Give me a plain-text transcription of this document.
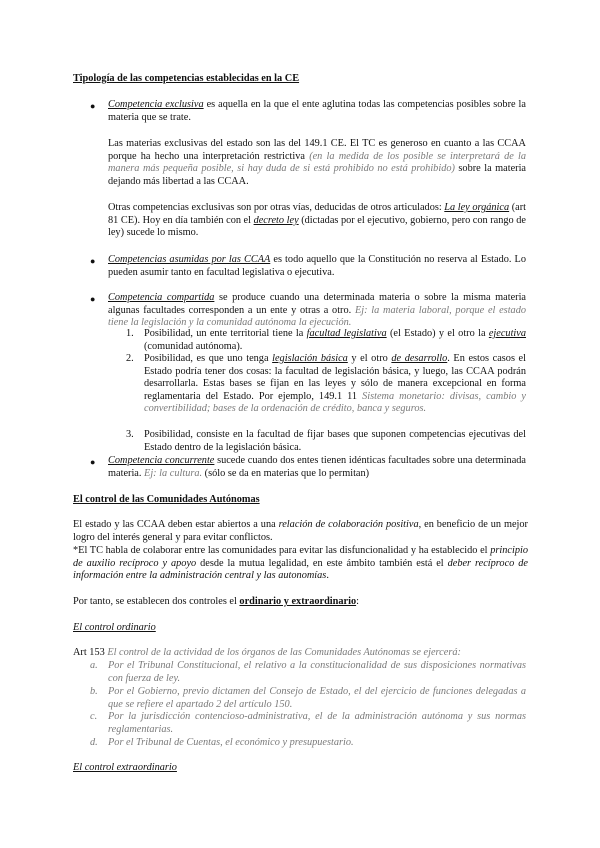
Tipología de las competencias establecidas en la CE
● Competencia exclusiva es aquella en la que el ente aglutina todas las competencias posibles sobre la materia que se trate.
Las materias exclusivas del estado son las del 149.1 CE. El TC es generoso en cuanto a las CCAA porque ha hecho una interpretación restrictiva (en la medida de los posible se interpretará de la manera más pequeña posible, si hay duda de si está prohibido no está prohibido) sobre la materia dejando más libertad a las CCAA.
Otras competencias exclusivas son por otras vías, deducidas de otros articulados: La ley orgánica (art 81 CE). Hoy en día también con el decreto ley (dictadas por el ejecutivo, gobierno, pero con rango de ley) sucede lo mismo.
● Competencias asumidas por las CCAA es todo aquello que la Constitución no reserva al Estado. Lo pueden asumir tanto en facultad legislativa o ejecutiva.
● Competencia compartida se produce cuando una determinada materia o sobre la misma materia algunas facultades corresponden a un ente y otras a otro. Ej: la materia laboral, porque el estado tiene la legislación y la comunidad autónoma la ejecución.
1. Posibilidad, un ente territorial tiene la facultad legislativa (el Estado) y el otro la ejecutiva (comunidad autónoma).
2. Posibilidad, es que uno tenga legislación básica y el otro de desarrollo. En estos casos el Estado podría tener dos cosas: la facultad de legislación básica, y luego, las CCAA podrán desarrollarla. Estas bases se fijan en las leyes y sólo de manera excepcional en forma reglamentaria del Estado. Por ejemplo, 149.1 11 Sistema monetario: divisas, cambio y convertibilidad; bases de la ordenación de crédito, banca y seguros.
3. Posibilidad, consiste en la facultad de fijar bases que suponen competencias ejecutivas del Estado dentro de la legislación básica.
● Competencia concurrente sucede cuando dos entes tienen idénticas facultades sobre una determinada materia. Ej: la cultura. (sólo se da en materias que lo permitan)
El control de las Comunidades Autónomas
El estado y las CCAA deben estar abiertos a una relación de colaboración positiva, en beneficio de un mejor logro del interés general y para evitar conflictos.
*El TC habla de colaborar entre las comunidades para evitar las disfuncionalidad y ha establecido el principio de auxilio recíproco y apoyo desde la mutua legalidad, en este ámbito también está el deber recíproco de información entre la administración central y las autonomías.
Por tanto, se establecen dos controles el ordinario y extraordinario:
El control ordinario
Art 153 El control de la actividad de los órganos de las Comunidades Autónomas se ejercerá:
a. Por el Tribunal Constitucional, el relativo a la constitucionalidad de sus disposiciones normativas con fuerza de ley.
b. Por el Gobierno, previo dictamen del Consejo de Estado, el del ejercicio de funciones delegadas a que se refiere el apartado 2 del artículo 150.
c. Por la jurisdicción contencioso-administrativa, el de la administración autónoma y sus normas reglamentarias.
d. Por el Tribunal de Cuentas, el económico y presupuestario.
El control extraordinario
